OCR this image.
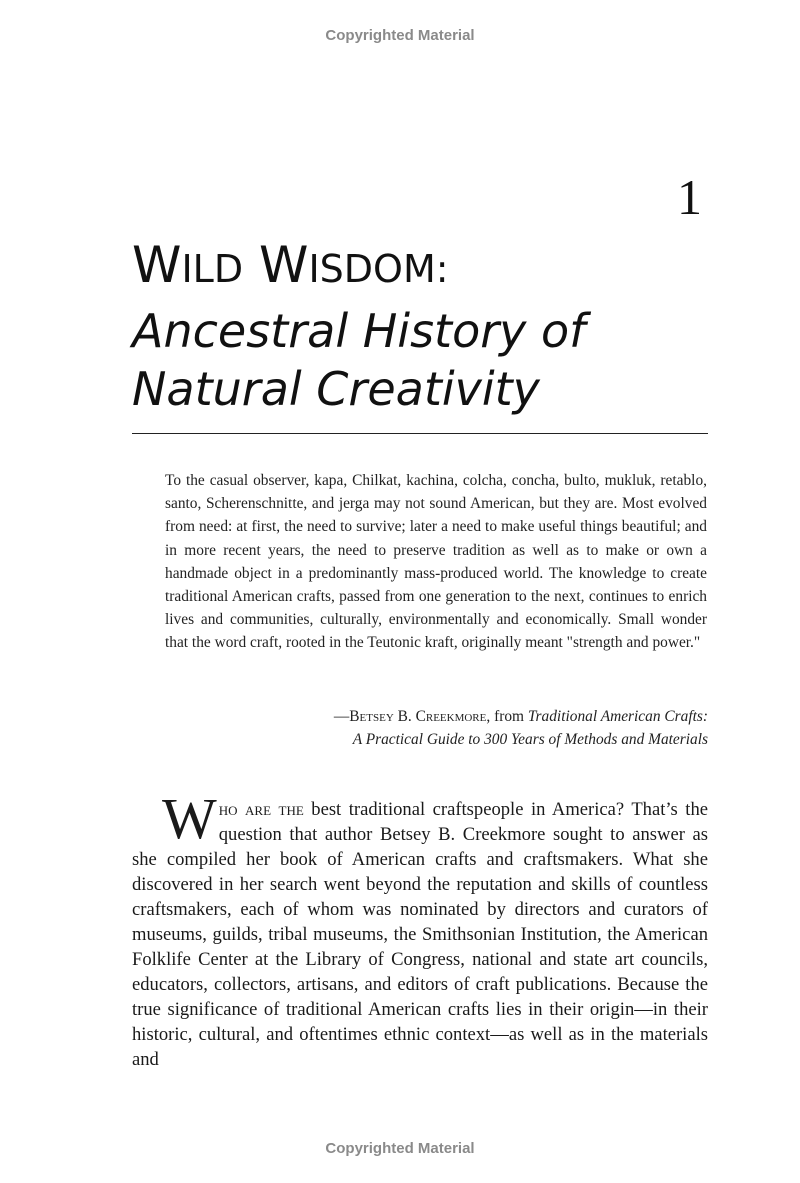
Copyrighted Material
1
WILD WISDOM:
Ancestral History of
Natural Creativity

To the casual observer, kapa, Chilkat, kachina, colcha, concha, bulto, mukluk, retablo, santo, Scherenschnitte, and jerga may not sound American, but they are. Most evolved from need: at first, the need to survive; later a need to make useful things beautiful; and in more recent years, the need to preserve tradition as well as to make or own a handmade object in a predominantly mass-produced world. The knowledge to create traditional American crafts, passed from one generation to the next, continues to enrich lives and communities, culturally, environmentally and economically. Small wonder that the word craft, rooted in the Teutonic kraft, originally meant "strength and power."

—Betsey B. Creekmore, from Traditional American Crafts:
A Practical Guide to 300 Years of Methods and Materials

Who are the best traditional craftspeople in America? That’s the question that author Betsey B. Creekmore sought to answer as she compiled her book of American crafts and craftsmakers. What she discovered in her search went beyond the reputation and skills of countless craftsmakers, each of whom was nominated by directors and curators of museums, guilds, tribal museums, the Smithsonian Institution, the American Folklife Center at the Library of Congress, national and state art councils, educators, collectors, artisans, and editors of craft publications. Because the true significance of traditional American crafts lies in their origin—in their historic, cultural, and oftentimes ethnic context—as well as in the materials and

Copyrighted Material
